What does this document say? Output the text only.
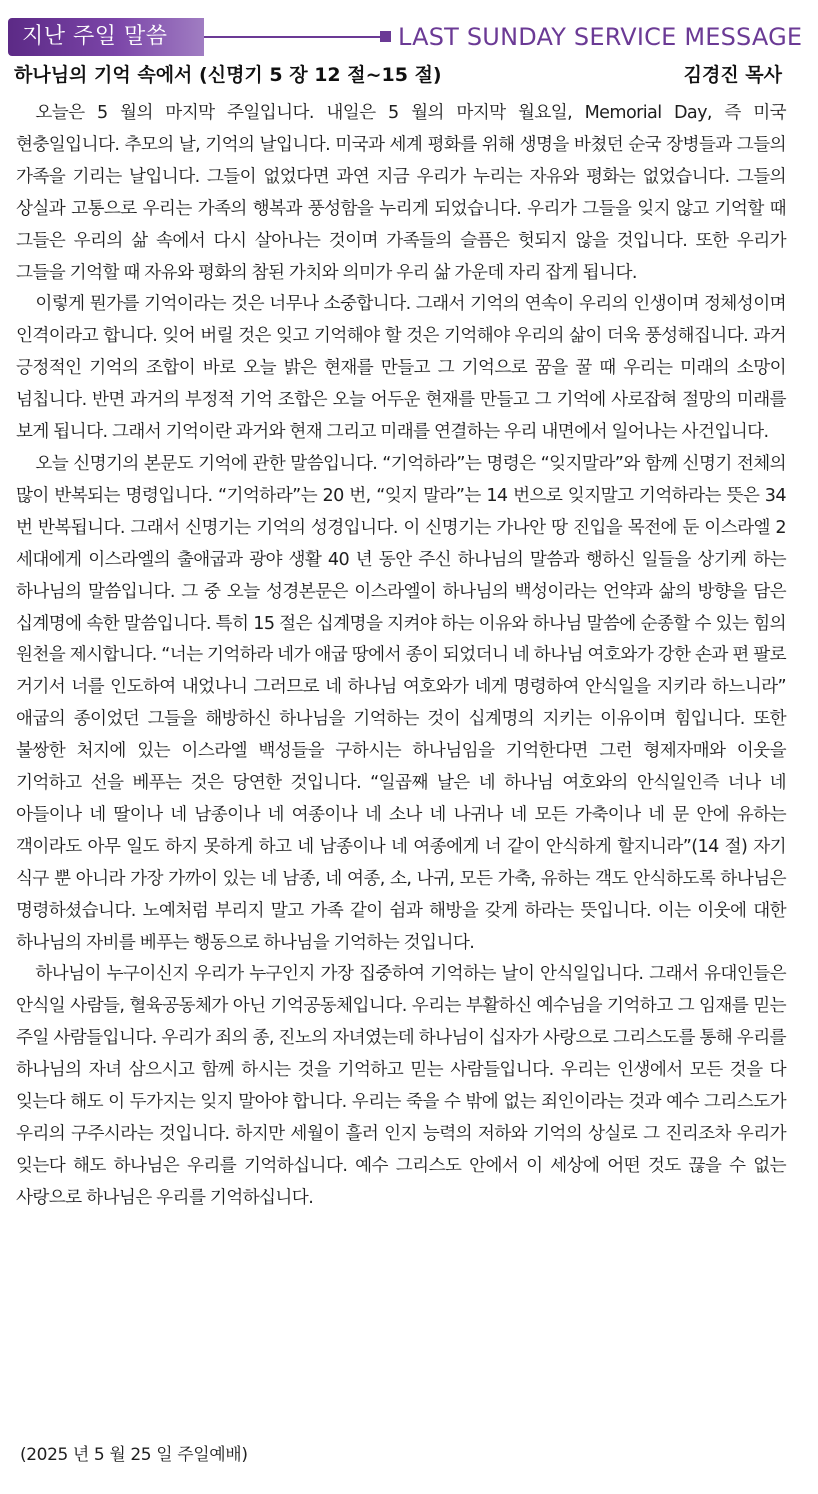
지난 주일 말씀	LAST SUNDAY SERVICE MESSAGE
하나님의 기억 속에서 (신명기 5 장 12 절~15 절)	김경진 목사

오늘은 5 월의 마지막 주일입니다. 내일은 5 월의 마지막 월요일, Memorial Day, 즉 미국 현충일입니다. 추모의 날, 기억의 날입니다. 미국과 세계 평화를 위해 생명을 바쳤던 순국 장병들과 그들의 가족을 기리는 날입니다. 그들이 없었다면 과연 지금 우리가 누리는 자유와 평화는 없었습니다. 그들의 상실과 고통으로 우리는 가족의 행복과 풍성함을 누리게 되었습니다. 우리가 그들을 잊지 않고 기억할 때 그들은 우리의 삶 속에서 다시 살아나는 것이며 가족들의 슬픔은 헛되지 않을 것입니다. 또한 우리가 그들을 기억할 때 자유와 평화의 참된 가치와 의미가 우리 삶 가운데 자리 잡게 됩니다.

이렇게 뭔가를 기억이라는 것은 너무나 소중합니다. 그래서 기억의 연속이 우리의 인생이며 정체성이며 인격이라고 합니다. 잊어 버릴 것은 잊고 기억해야 할 것은 기억해야 우리의 삶이 더욱 풍성해집니다. 과거 긍정적인 기억의 조합이 바로 오늘 밝은 현재를 만들고 그 기억으로 꿈을 꿀 때 우리는 미래의 소망이 넘칩니다. 반면 과거의 부정적 기억 조합은 오늘 어두운 현재를 만들고 그 기억에 사로잡혀 절망의 미래를 보게 됩니다. 그래서 기억이란 과거와 현재 그리고 미래를 연결하는 우리 내면에서 일어나는 사건입니다.

오늘 신명기의 본문도 기억에 관한 말씀입니다. “기억하라”는 명령은 “잊지말라”와 함께 신명기 전체의 많이 반복되는 명령입니다. “기억하라”는 20 번, “잊지 말라”는 14 번으로 잊지말고 기억하라는 뜻은 34 번 반복됩니다. 그래서 신명기는 기억의 성경입니다. 이 신명기는 가나안 땅 진입을 목전에 둔 이스라엘 2 세대에게 이스라엘의 출애굽과 광야 생활 40 년 동안 주신 하나님의 말씀과 행하신 일들을 상기케 하는 하나님의 말씀입니다. 그 중 오늘 성경본문은 이스라엘이 하나님의 백성이라는 언약과 삶의 방향을 담은 십계명에 속한 말씀입니다. 특히 15 절은 십계명을 지켜야 하는 이유와 하나님 말씀에 순종할 수 있는 힘의 원천을 제시합니다. “너는 기억하라 네가 애굽 땅에서 종이 되었더니 네 하나님 여호와가 강한 손과 편 팔로 거기서 너를 인도하여 내었나니 그러므로 네 하나님 여호와가 네게 명령하여 안식일을 지키라 하느니라” 애굽의 종이었던 그들을 해방하신 하나님을 기억하는 것이 십계명의 지키는 이유이며 힘입니다. 또한 불쌍한 처지에 있는 이스라엘 백성들을 구하시는 하나님임을 기억한다면 그런 형제자매와 이웃을 기억하고 선을 베푸는 것은 당연한 것입니다. “일곱째 날은 네 하나님 여호와의 안식일인즉 너나 네 아들이나 네 딸이나 네 남종이나 네 여종이나 네 소나 네 나귀나 네 모든 가축이나 네 문 안에 유하는 객이라도 아무 일도 하지 못하게 하고 네 남종이나 네 여종에게 너 같이 안식하게 할지니라”(14 절) 자기 식구 뿐 아니라 가장 가까이 있는 네 남종, 네 여종, 소, 나귀, 모든 가축, 유하는 객도 안식하도록 하나님은 명령하셨습니다. 노예처럼 부리지 말고 가족 같이 쉼과 해방을 갖게 하라는 뜻입니다. 이는 이웃에 대한 하나님의 자비를 베푸는 행동으로 하나님을 기억하는 것입니다.

하나님이 누구이신지 우리가 누구인지 가장 집중하여 기억하는 날이 안식일입니다. 그래서 유대인들은 안식일 사람들, 혈육공동체가 아닌 기억공동체입니다. 우리는 부활하신 예수님을 기억하고 그 임재를 믿는 주일 사람들입니다. 우리가 죄의 종, 진노의 자녀였는데 하나님이 십자가 사랑으로 그리스도를 통해 우리를 하나님의 자녀 삼으시고 함께 하시는 것을 기억하고 믿는 사람들입니다. 우리는 인생에서 모든 것을 다 잊는다 해도 이 두가지는 잊지 말아야 합니다. 우리는 죽을 수 밖에 없는 죄인이라는 것과 예수 그리스도가 우리의 구주시라는 것입니다. 하지만 세월이 흘러 인지 능력의 저하와 기억의 상실로 그 진리조차 우리가 잊는다 해도 하나님은 우리를 기억하십니다. 예수 그리스도 안에서 이 세상에 어떤 것도 끊을 수 없는 사랑으로 하나님은 우리를 기억하십니다.

(2025 년 5 월 25 일 주일예배)
